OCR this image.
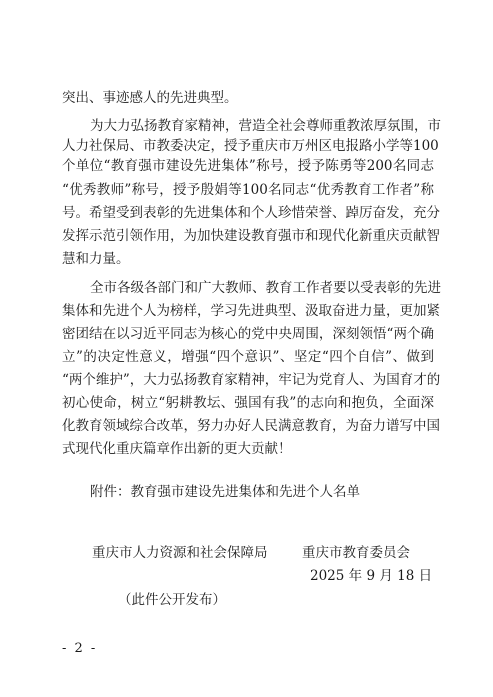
突出、事迹感人的先进典型。
为大力弘扬教育家精神，营造全社会尊师重教浓厚氛围，市
人力社保局、市教委决定，授予重庆市万州区电报路小学等100
个单位“教育强市建设先进集体”称号，授予陈勇等200名同志
“优秀教师”称号，授予殷娟等100名同志“优秀教育工作者”称
号。希望受到表彰的先进集体和个人珍惜荣誉、踔厉奋发，充分
发挥示范引领作用，为加快建设教育强市和现代化新重庆贡献智
慧和力量。
全市各级各部门和广大教师、教育工作者要以受表彰的先进
集体和先进个人为榜样，学习先进典型、汲取奋进力量，更加紧
密团结在以习近平同志为核心的党中央周围，深刻领悟“两个确
立”的决定性意义，增强“四个意识”、坚定“四个自信”、做到
“两个维护”，大力弘扬教育家精神，牢记为党育人、为国育才的
初心使命，树立“躬耕教坛、强国有我”的志向和抱负，全面深
化教育领域综合改革，努力办好人民满意教育，为奋力谱写中国
式现代化重庆篇章作出新的更大贡献！
附件：教育强市建设先进集体和先进个人名单
重庆市人力资源和社会保障局	重庆市教育委员会
2025 年 9 月 18 日
（此件公开发布）
- 2 -
